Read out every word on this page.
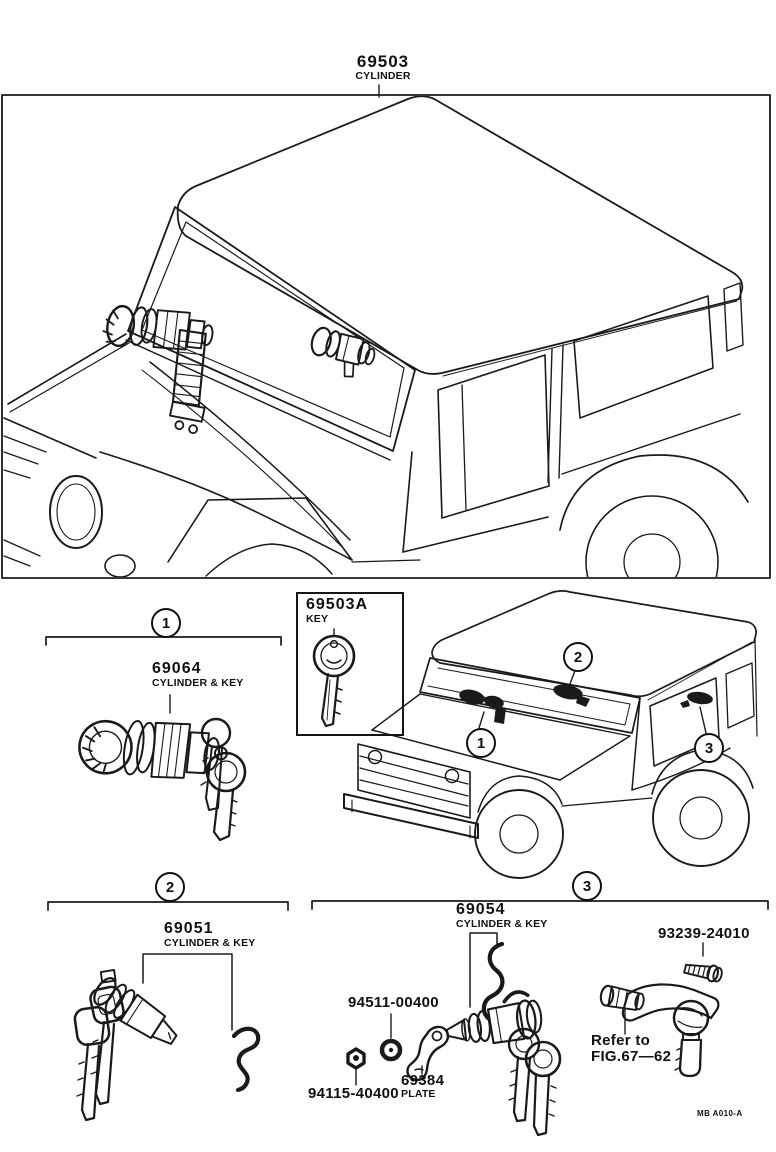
69503
CYLINDER
69503A
KEY
69064
CYLINDER & KEY
69051
CYLINDER & KEY
69054
CYLINDER & KEY
94511-00400
94115-40400
69384
PLATE
93239-24010
Refer to
FIG.67—62
MB A010-A
1
2	3
1
2
3
